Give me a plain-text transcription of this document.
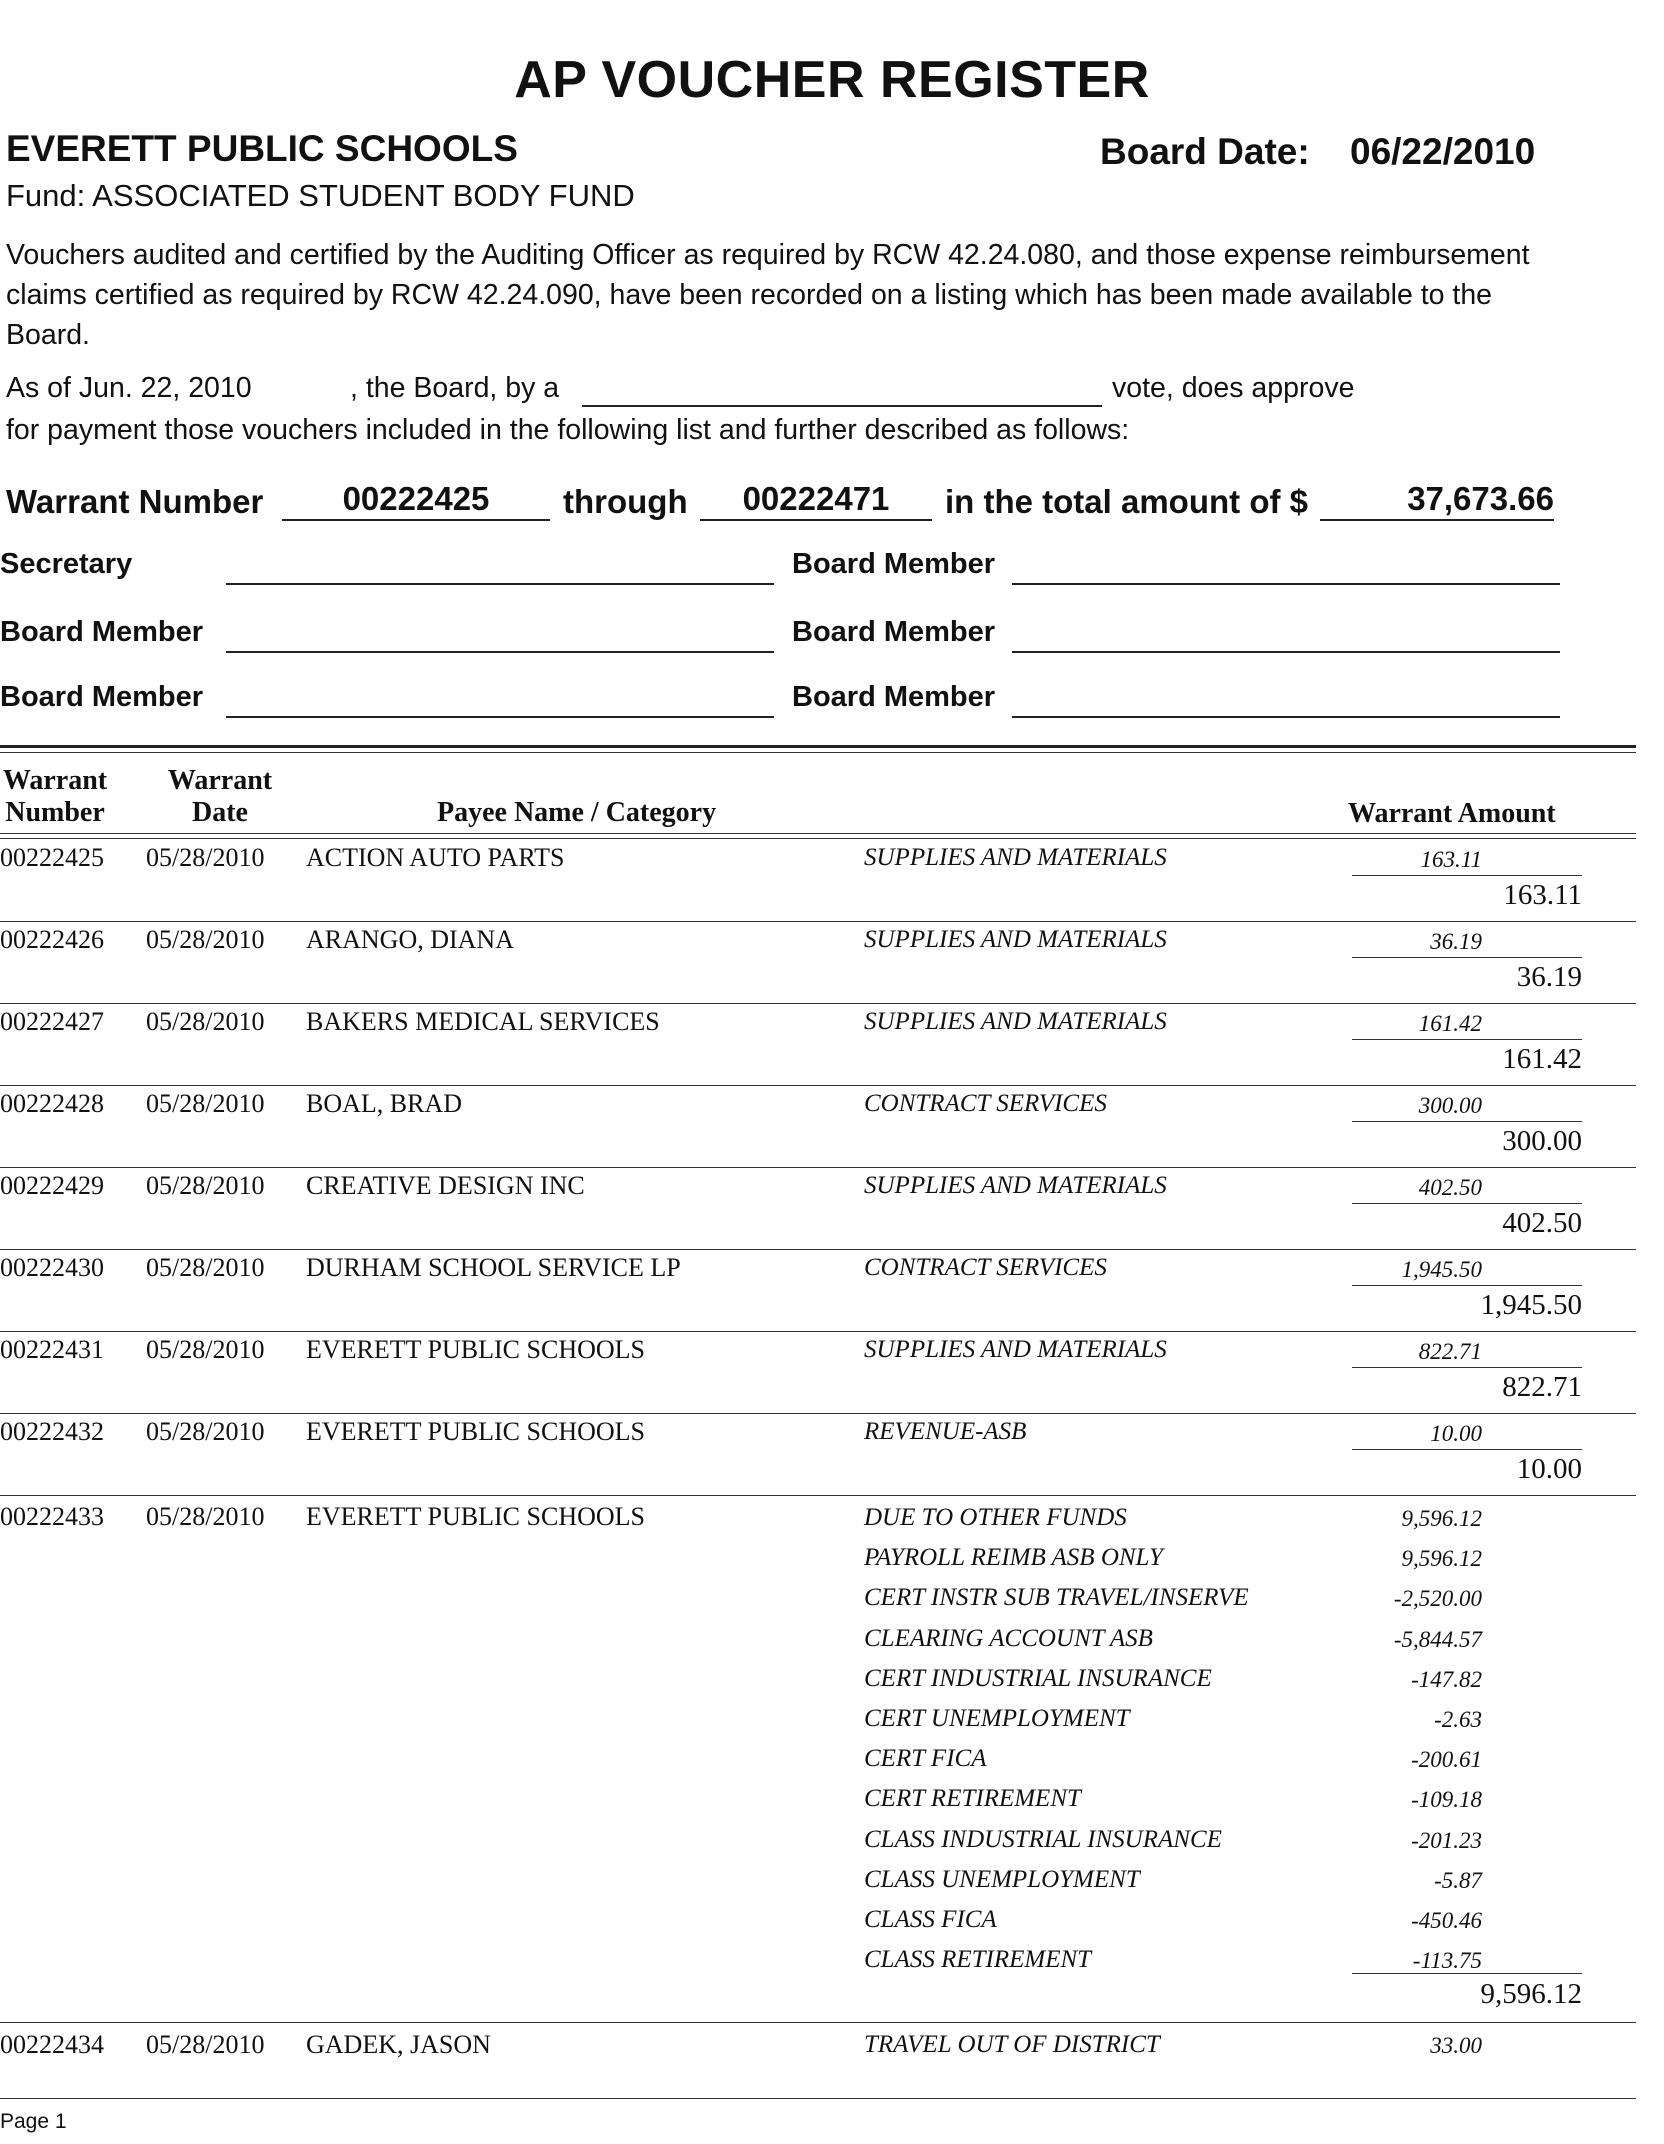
AP VOUCHER REGISTER
EVERETT PUBLIC SCHOOLS	Board Date: 06/22/2010
Fund: ASSOCIATED STUDENT BODY FUND
Vouchers audited and certified by the Auditing Officer as required by RCW 42.24.080, and those expense reimbursement claims certified as required by RCW 42.24.090, have been recorded on a listing which has been made available to the Board.
As of Jun. 22, 2010	, the Board, by a	vote, does approve
for payment those vouchers included in the following list and further described as follows:
Warrant Number	00222425	through	00222471	in the total amount of $	37,673.66
Secretary	Board Member
Board Member	Board Member
Board Member	Board Member
Warrant
Number
Warrant
Date	Payee Name / Category	Warrant Amount
00222425 05/28/2010 ACTION AUTO PARTS	SUPPLIES AND MATERIALS	163.11
163.11
00222426 05/28/2010 ARANGO, DIANA	SUPPLIES AND MATERIALS	36.19
36.19
00222427 05/28/2010 BAKERS MEDICAL SERVICES	SUPPLIES AND MATERIALS	161.42
161.42
00222428 05/28/2010 BOAL, BRAD	CONTRACT SERVICES	300.00
300.00
00222429 05/28/2010 CREATIVE DESIGN INC	SUPPLIES AND MATERIALS	402.50
402.50
00222430 05/28/2010 DURHAM SCHOOL SERVICE LP	CONTRACT SERVICES	1,945.50
1,945.50
00222431 05/28/2010 EVERETT PUBLIC SCHOOLS	SUPPLIES AND MATERIALS	822.71
822.71
00222432 05/28/2010 EVERETT PUBLIC SCHOOLS	REVENUE-ASB	10.00
10.00
00222433 05/28/2010 EVERETT PUBLIC SCHOOLS	DUE TO OTHER FUNDS	9,596.12
PAYROLL REIMB ASB ONLY	9,596.12
CERT INSTR SUB TRAVEL/INSERVE	-2,520.00
CLEARING ACCOUNT ASB	-5,844.57
CERT INDUSTRIAL INSURANCE	-147.82
CERT UNEMPLOYMENT	-2.63
CERT FICA	-200.61
CERT RETIREMENT	-109.18
CLASS INDUSTRIAL INSURANCE	-201.23
CLASS UNEMPLOYMENT	-5.87
CLASS FICA	-450.46
CLASS RETIREMENT	-113.75
9,596.12
00222434 05/28/2010 GADEK, JASON	TRAVEL OUT OF DISTRICT	33.00
Page 1
